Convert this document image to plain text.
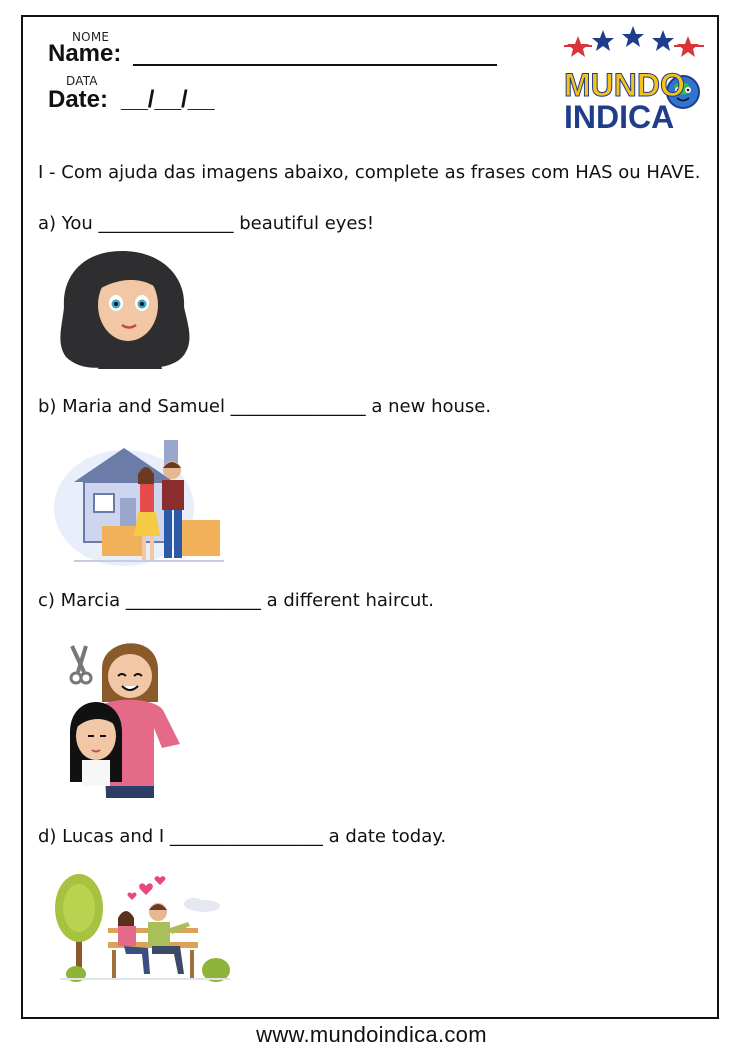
NOME
Name:
DATA
Date: __/__/__	MUNDO
INDICA
I - Com ajuda das imagens abaixo, complete as frases com HAS ou HAVE.
a) You _______________ beautiful eyes!
b) Maria and Samuel _______________ a new house.
c) Marcia _______________ a different haircut.
d) Lucas and I _________________ a date today.
www.mundoindica.com
